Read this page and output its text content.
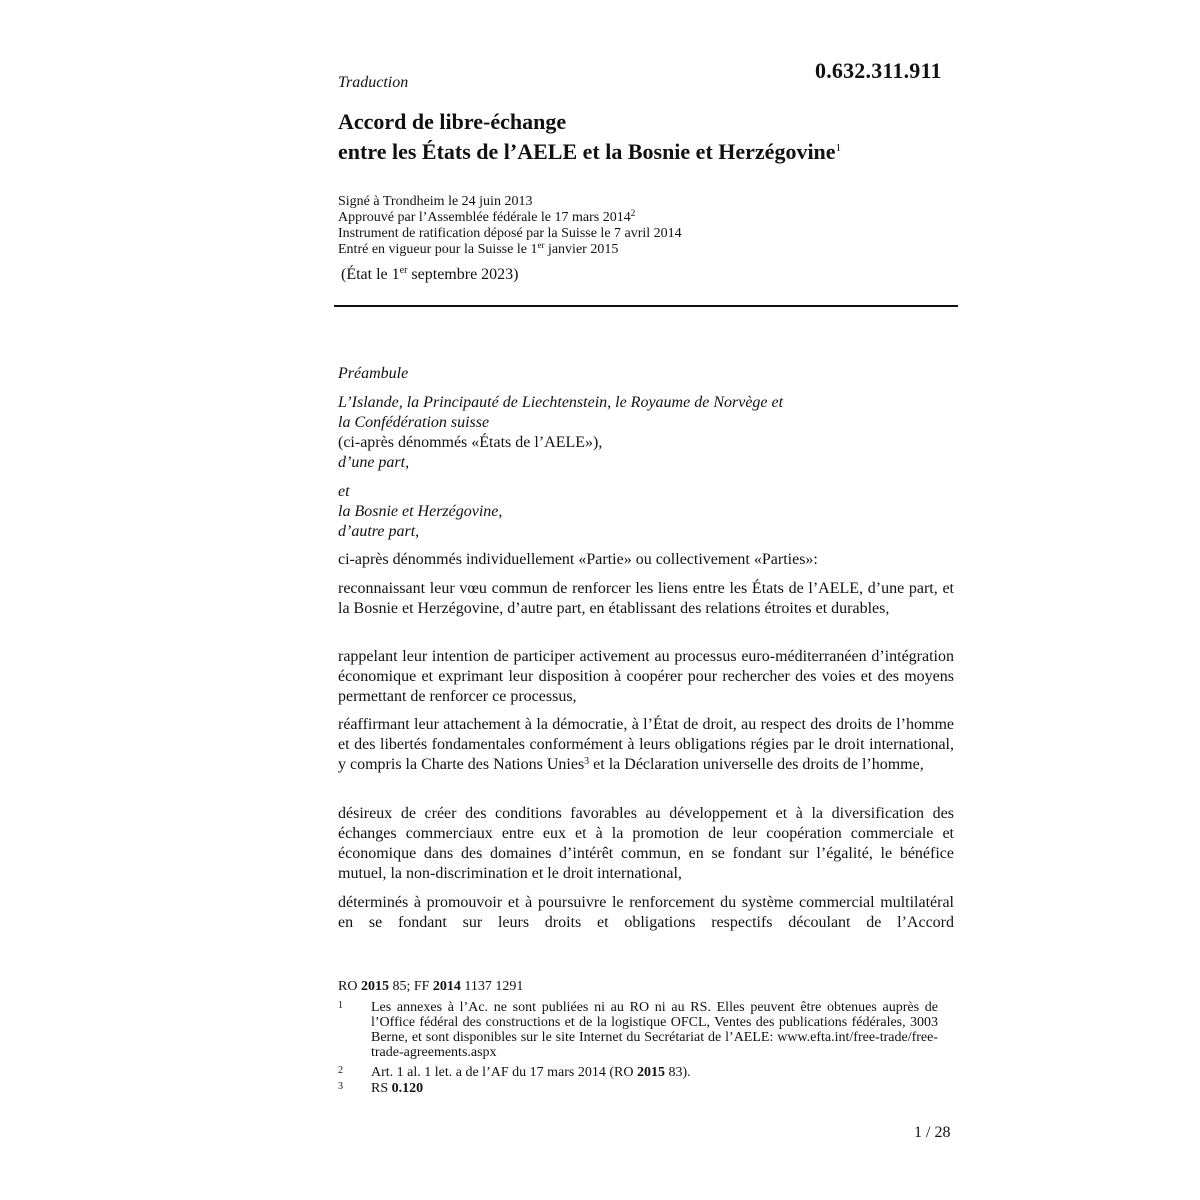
0.632.311.911
Traduction
Accord de libre-échange
entre les États de l’AELE et la Bosnie et Herzégovine$^1$
Signé à Trondheim le 24 juin 2013
Approuvé par l’Assemblée fédérale le 17 mars 2014$^2$
Instrument de ratification déposé par la Suisse le 7 avril 2014
Entré en vigueur pour la Suisse le 1er janvier 2015
(État le 1er septembre 2023)
Préambule
L’Islande, la Principauté de Liechtenstein, le Royaume de Norvège et
la Confédération suisse
(ci-après dénommés «États de l’AELE»),
d’une part,
et
la Bosnie et Herzégovine,
d’autre part,
ci-après dénommés individuellement «Partie» ou collectivement «Parties»:

reconnaissant leur vœu commun de renforcer les liens entre les États de l’AELE, d’une part, et la Bosnie et Herzégovine, d’autre part, en établissant des relations étroites et durables,

rappelant leur intention de participer activement au processus euro-méditerranéen d’intégration économique et exprimant leur disposition à coopérer pour rechercher des voies et des moyens permettant de renforcer ce processus,

réaffirmant leur attachement à la démocratie, à l’État de droit, au respect des droits de l’homme et des libertés fondamentales conformément à leurs obligations régies par le droit international, y compris la Charte des Nations Unies$^3$ et la Déclaration universelle des droits de l’homme,

désireux de créer des conditions favorables au développement et à la diversification des échanges commerciaux entre eux et à la promotion de leur coopération commerciale et économique dans des domaines d’intérêt commun, en se fondant sur l’égalité, le bénéfice mutuel, la non-discrimination et le droit international,

déterminés à promouvoir et à poursuivre le renforcement du système commercial multilatéral en se fondant sur leurs droits et obligations respectifs découlant de l’Accord

RO 2015 85; FF 2014 1137 1291
1 Les annexes à l’Ac. ne sont publiées ni au RO ni au RS. Elles peuvent être obtenues auprès de l’Office fédéral des constructions et de la logistique OFCL, Ventes des publications fédérales, 3003 Berne, et sont disponibles sur le site Internet du Secrétariat de l’AELE: www.efta.int/free-trade/free-trade-agreements.aspx
2 Art. 1 al. 1 let. a de l’AF du 17 mars 2014 (RO 2015 83).
3 RS 0.120
1 / 28
